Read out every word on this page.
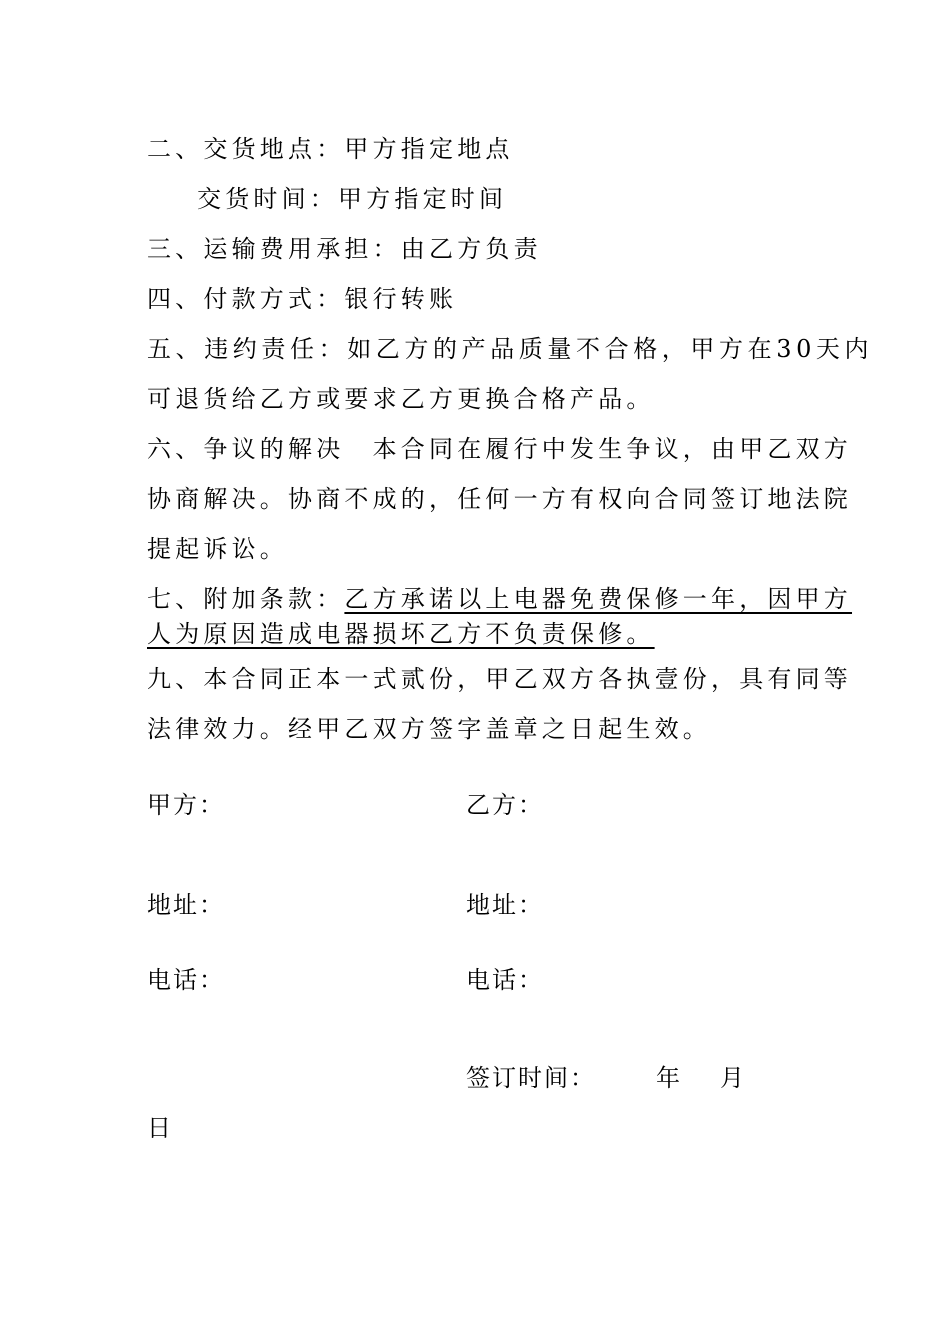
二、交货地点：甲方指定地点
交货时间：甲方指定时间
三、运输费用承担：由乙方负责
四、付款方式：银行转账
五、违约责任：如乙方的产品质量不合格，甲方在30天内
可退货给乙方或要求乙方更换合格产品。
六、争议的解决　本合同在履行中发生争议，由甲乙双方
协商解决。协商不成的，任何一方有权向合同签订地法院
提起诉讼。
七、附加条款：乙方承诺以上电器免费保修一年，因甲方
人为原因造成电器损坏乙方不负责保修。
九、本合同正本一式贰份，甲乙双方各执壹份，具有同等
法律效力。经甲乙双方签字盖章之日起生效。
甲方：	乙方：
地址：	地址：
电话：	电话：
签订时间：	年 月
日
